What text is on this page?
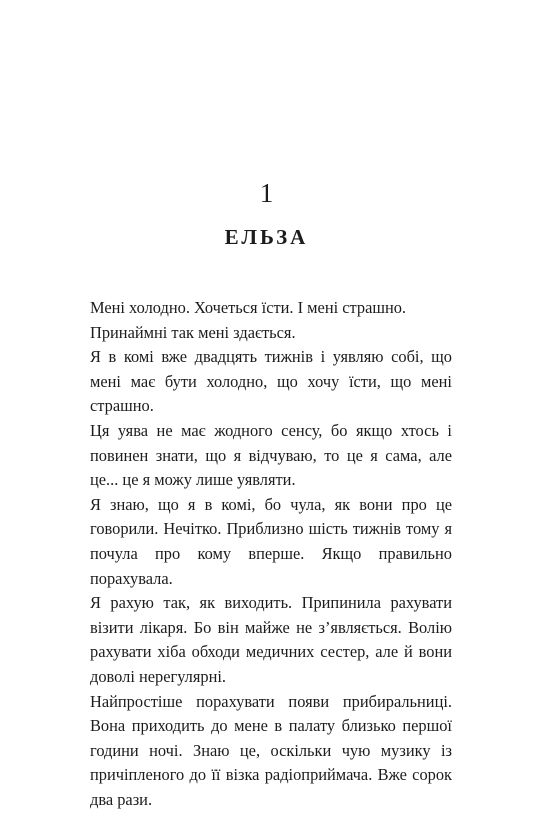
1
ЕЛЬЗА

Мені холодно. Хочеться їсти. І мені страшно.

Принаймні так мені здається.

Я в комі вже двадцять тижнів і уявляю собі, що мені має бути холодно, що хочу їсти, що мені страшно.

Ця уява не має жодного сенсу, бо якщо хтось і повинен знати, що я відчуваю, то це я сама, але це... це я можу лише уявляти.

Я знаю, що я в комі, бо чула, як вони про це говорили. Нечітко. Приблизно шість тижнів тому я почула про кому вперше. Якщо правильно порахувала.

Я рахую так, як виходить. Припинила рахувати візити лікаря. Бо він майже не з’являється. Волію рахувати хіба обходи медичних сестер, але й вони доволі нерегулярні.

Найпростіше порахувати появи прибиральниці. Вона приходить до мене в палату близько першої години ночі. Знаю це, оскільки чую музику із причіпленого до її візка радіоприймача. Вже сорок два рази.
